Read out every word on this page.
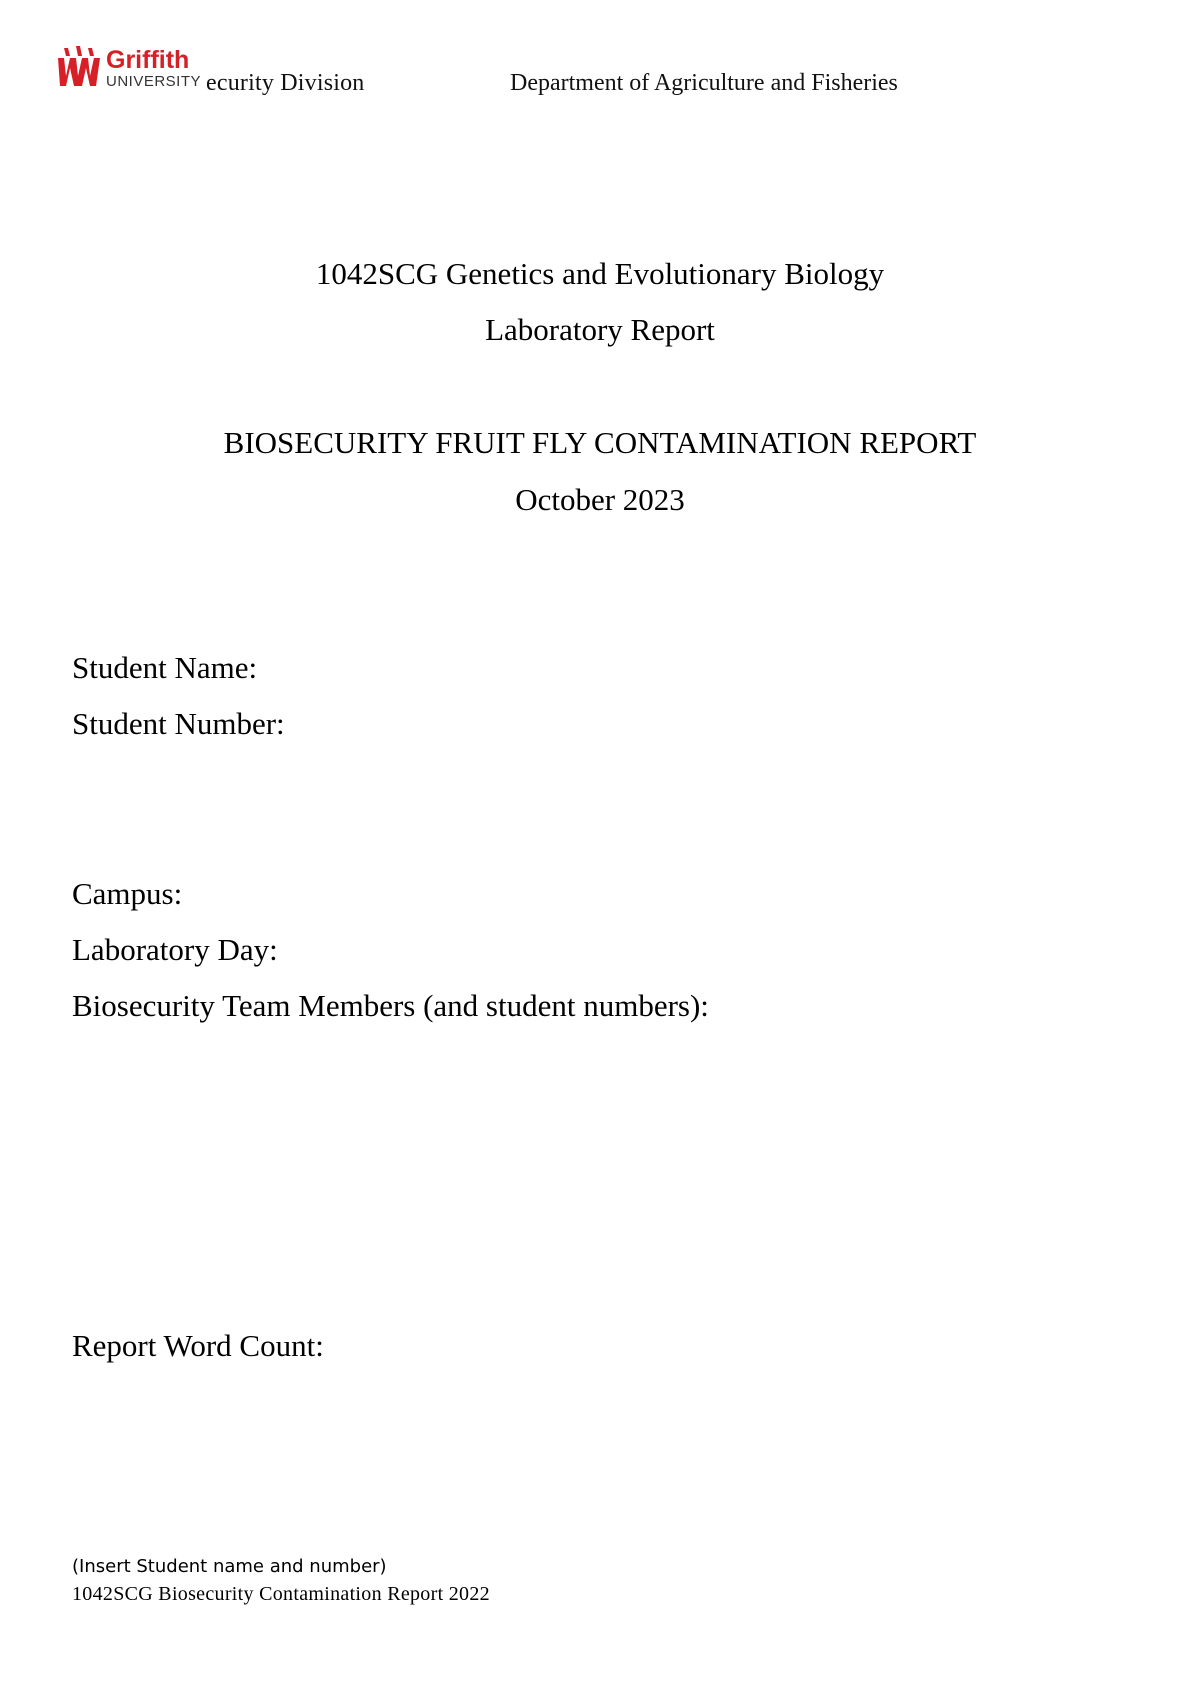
Griffith
UNIVERSITY ecurity Division	Department of Agriculture and Fisheries
1042SCG Genetics and Evolutionary Biology
Laboratory Report
BIOSECURITY FRUIT FLY CONTAMINATION REPORT
October 2023
Student Name:
Student Number:
Campus:
Laboratory Day:
Biosecurity Team Members (and student numbers):
Report Word Count:
(Insert Student name and number)
1042SCG Biosecurity Contamination Report 2022
